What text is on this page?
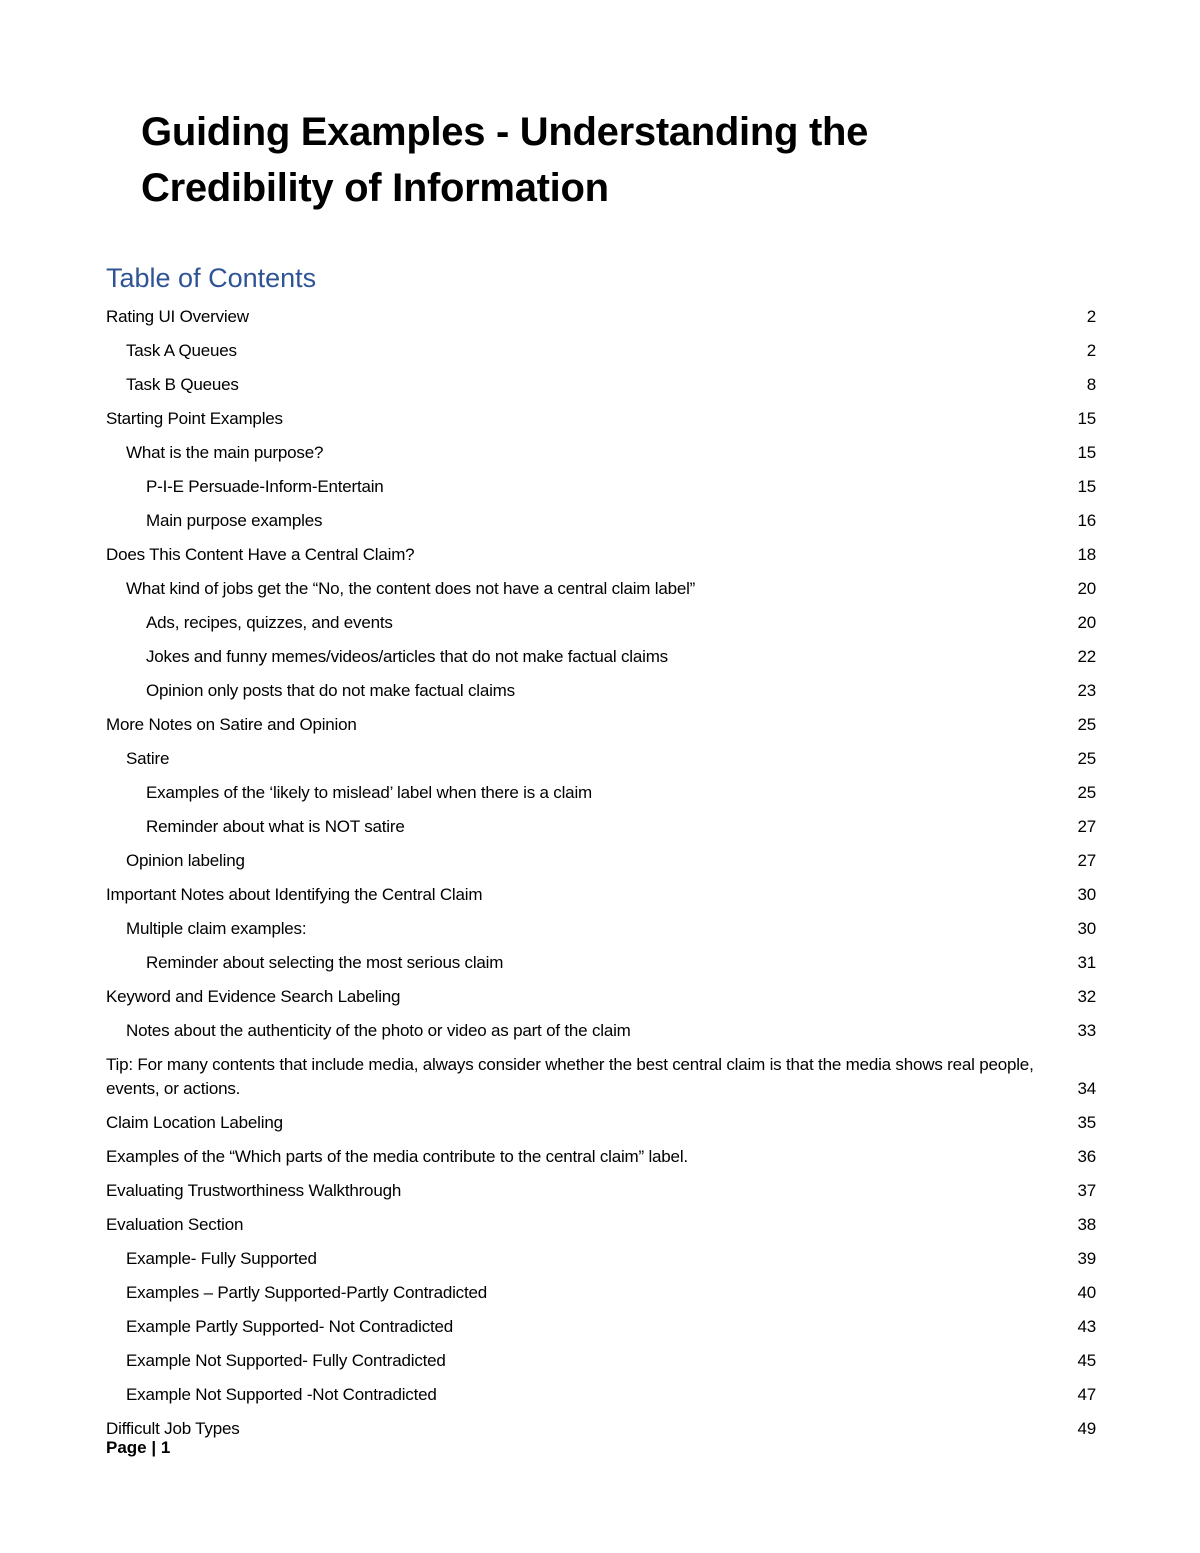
Guiding Examples - Understanding the Credibility of Information
Table of Contents
Rating UI Overview	2
Task A Queues	2
Task B Queues	8
Starting Point Examples	15
What is the main purpose?	15
P-I-E Persuade-Inform-Entertain	15
Main purpose examples	16
Does This Content Have a Central Claim?	18
What kind of jobs get the “No, the content does not have a central claim label”	20
Ads, recipes, quizzes, and events	20
Jokes and funny memes/videos/articles that do not make factual claims	22
Opinion only posts that do not make factual claims	23
More Notes on Satire and Opinion	25
Satire	25
Examples of the ‘likely to mislead’ label when there is a claim	25
Reminder about what is NOT satire	27
Opinion labeling	27
Important Notes about Identifying the Central Claim	30
Multiple claim examples:	30
Reminder about selecting the most serious claim	31
Keyword and Evidence Search Labeling	32
Notes about the authenticity of the photo or video as part of the claim	33
Tip: For many contents that include media, always consider whether the best central claim is that the media shows real people, events, or actions.	34
Claim Location Labeling	35
Examples of the “Which parts of the media contribute to the central claim” label.	36
Evaluating Trustworthiness Walkthrough	37
Evaluation Section	38
Example- Fully Supported	39
Examples – Partly Supported-Partly Contradicted	40
Example Partly Supported- Not Contradicted	43
Example Not Supported- Fully Contradicted	45
Example Not Supported -Not Contradicted	47
Difficult Job Types	49
Page | 1
